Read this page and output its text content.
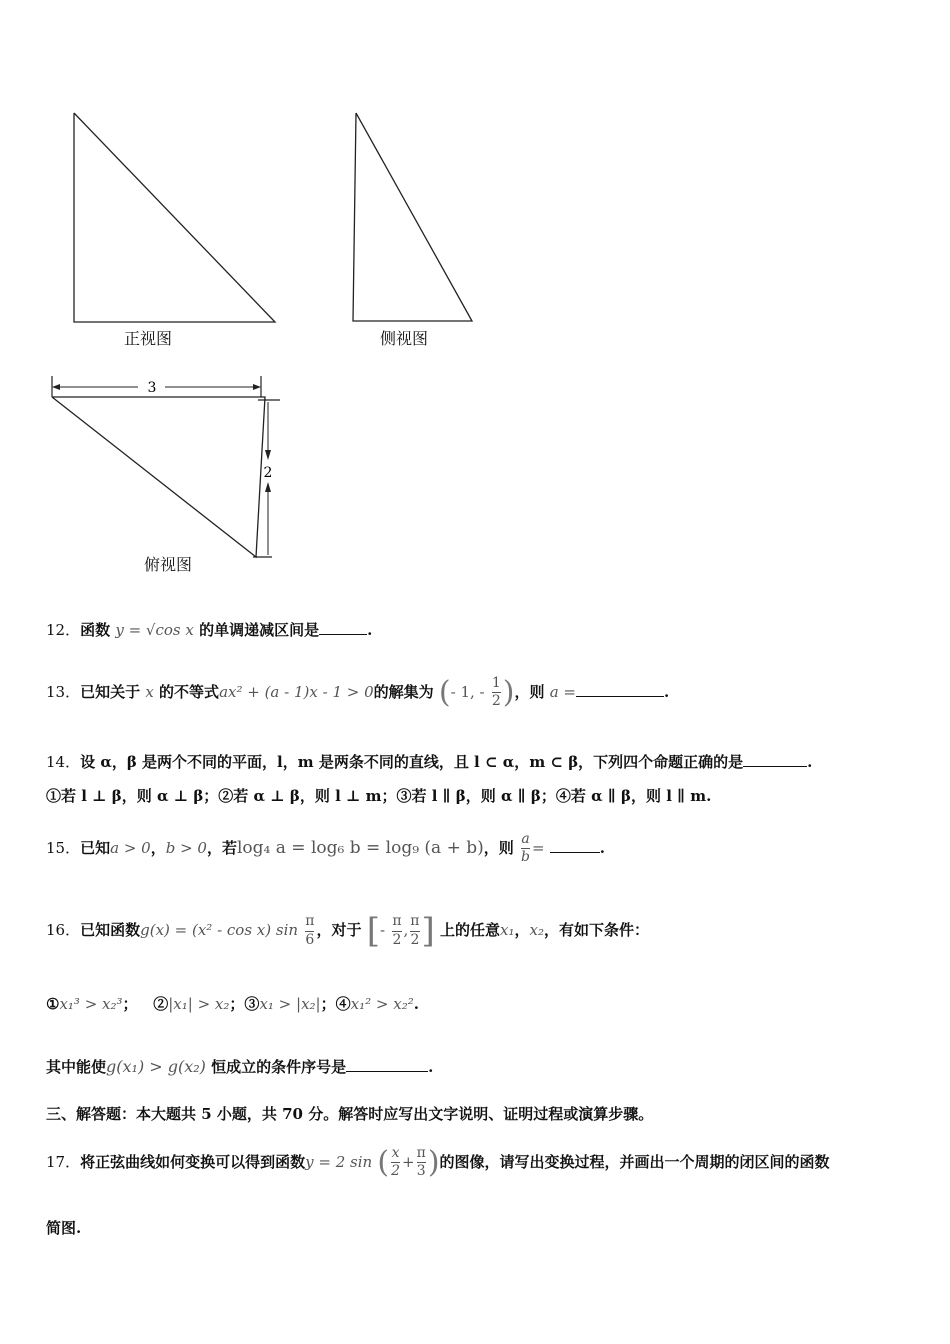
3
2
正视图	侧视图
俯视图
12．函数 y = √cos x 的单调递减区间是	.
13．已知关于 x 的不等式ax² + (a - 1)x - 1 > 0的解集为 (- 1, - $\frac{1}{2}$ )，则 a =	.
14．设 α，β 是两个不同的平面，l，m 是两条不同的直线，且 l ⊂ α，m ⊂ β，下列四个命题正确的是	.
①若 l ⊥ β，则 α ⊥ β；②若 α ⊥ β，则 l ⊥ m；③若 l ∥ β，则 α ∥ β；④若 α ∥ β，则 l ∥ m.
15．已知a > 0，b > 0，若log₄ a = log₆ b = log₉ (a + b)，则 $\frac{a}{b}$ =	.
16．已知函数g(x) = (x² - cos x) $\sin \frac{\pi}{6}$ ，对于 [- $\frac{\pi}{2}$ , $\frac{\pi}{2}$ ] 上的任意x₁，x₂，有如下条件：
①x₁³ > x₂³； ②|x₁| > x₂；③x₁ > |x₂|；④x₁² > x₂².
其中能使g(x₁) > g(x₂) 恒成立的条件序号是	.
三、解答题：本大题共 5 小题，共 70 分。解答时应写出文字说明、证明过程或演算步骤。
17．将正弦曲线如何变换可以得到函数y = 2 sin ( $\frac{x}{2} + \frac{\pi}{3}$ )的图像，请写出变换过程，并画出一个周期的闭区间的函数
简图.
